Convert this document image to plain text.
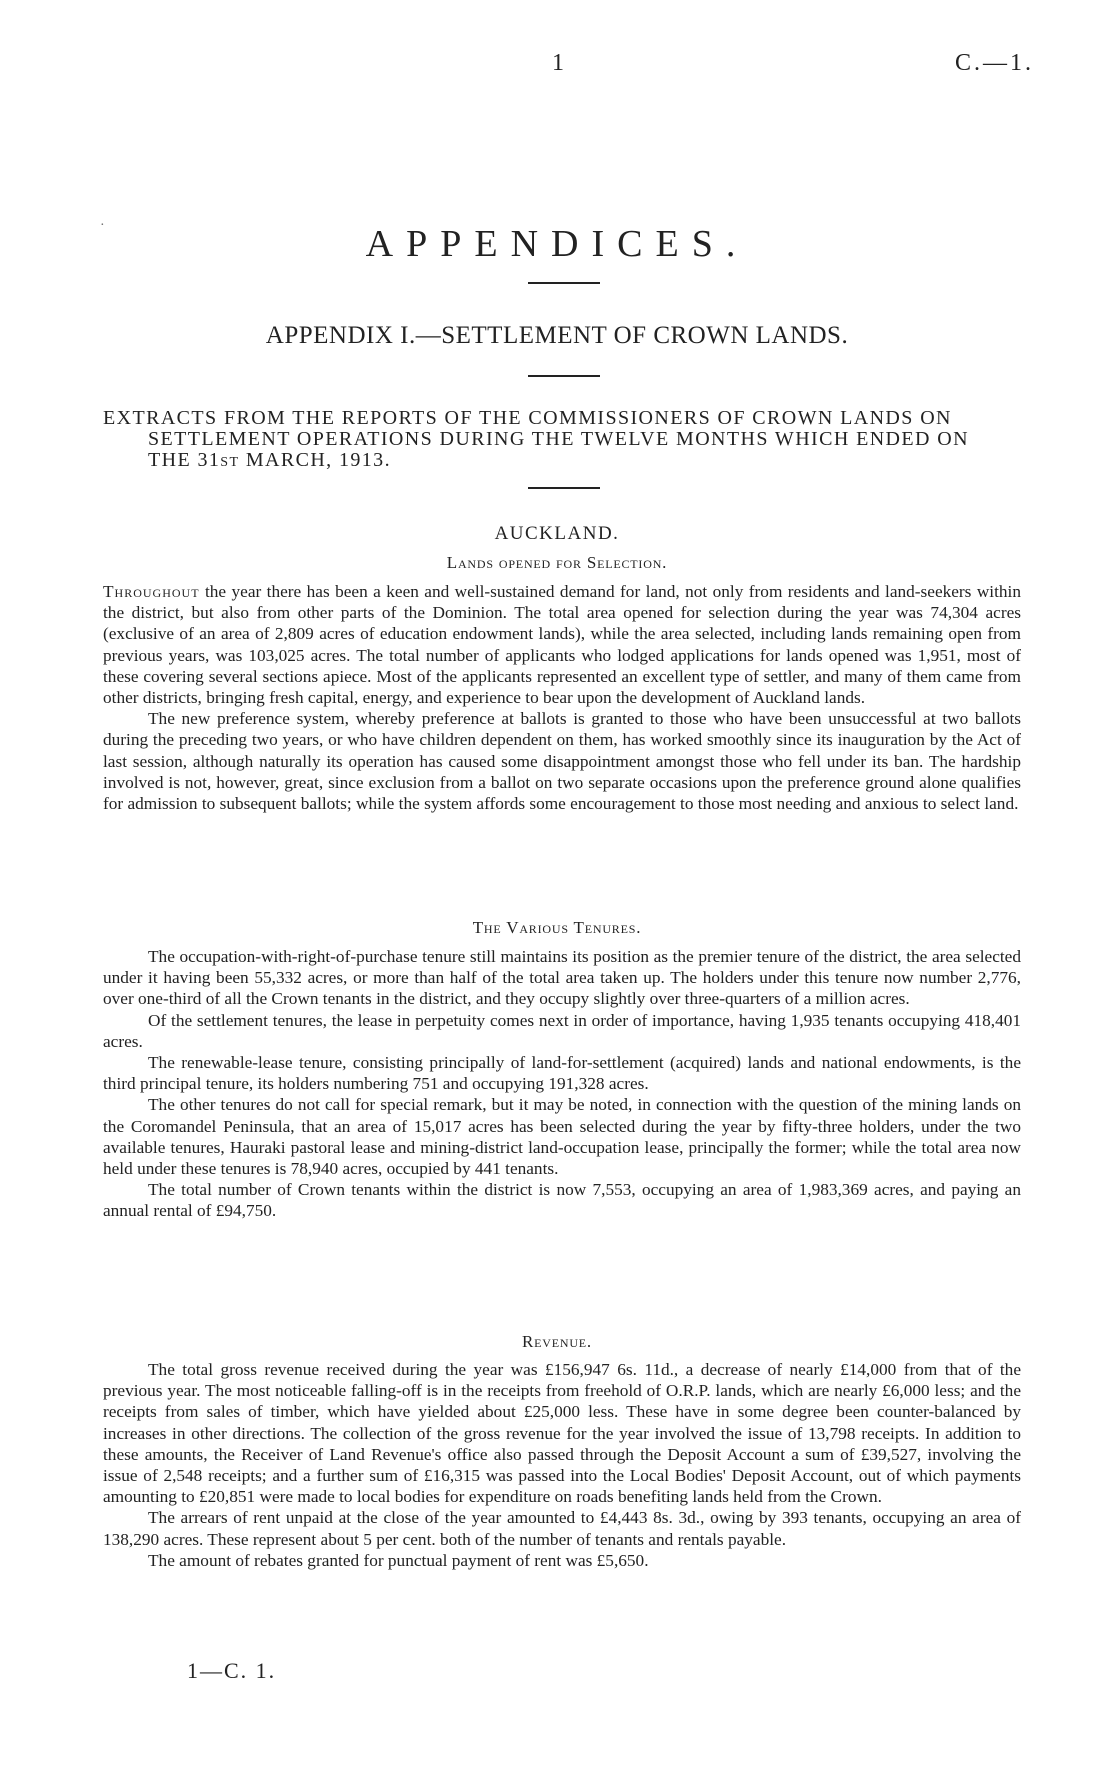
1	C.—1.
·	APPENDICES.
APPENDIX I.—SETTLEMENT OF CROWN LANDS.
EXTRACTS FROM THE REPORTS OF THE COMMISSIONERS OF CROWN LANDS ON
SETTLEMENT OPERATIONS DURING THE TWELVE MONTHS WHICH ENDED ON
THE 31ST MARCH, 1913.
AUCKLAND.
Lands opened for Selection.

Throughout the year there has been a keen and well-sustained demand for land, not only from residents and land-seekers within the district, but also from other parts of the Dominion. The total area opened for selection during the year was 74,304 acres (exclusive of an area of 2,809 acres of education endowment lands), while the area selected, including lands remaining open from previous years, was 103,025 acres. The total number of applicants who lodged applications for lands opened was 1,951, most of these covering several sections apiece. Most of the applicants represented an excellent type of settler, and many of them came from other districts, bringing fresh capital, energy, and experience to bear upon the development of Auckland lands.

The new preference system, whereby preference at ballots is granted to those who have been unsuccessful at two ballots during the preceding two years, or who have children dependent on them, has worked smoothly since its inauguration by the Act of last session, although naturally its operation has caused some disappointment amongst those who fell under its ban. The hardship involved is not, however, great, since exclusion from a ballot on two separate occasions upon the preference ground alone qualifies for admission to subsequent ballots; while the system affords some encouragement to those most needing and anxious to select land.

The Various Tenures.

The occupation-with-right-of-purchase tenure still maintains its position as the premier tenure of the district, the area selected under it having been 55,332 acres, or more than half of the total area taken up. The holders under this tenure now number 2,776, over one-third of all the Crown tenants in the district, and they occupy slightly over three-quarters of a million acres.

Of the settlement tenures, the lease in perpetuity comes next in order of importance, having 1,935 tenants occupying 418,401 acres.

The renewable-lease tenure, consisting principally of land-for-settlement (acquired) lands and national endowments, is the third principal tenure, its holders numbering 751 and occupying 191,328 acres.

The other tenures do not call for special remark, but it may be noted, in connection with the question of the mining lands on the Coromandel Peninsula, that an area of 15,017 acres has been selected during the year by fifty-three holders, under the two available tenures, Hauraki pastoral lease and mining-district land-occupation lease, principally the former; while the total area now held under these tenures is 78,940 acres, occupied by 441 tenants.

The total number of Crown tenants within the district is now 7,553, occupying an area of 1,983,369 acres, and paying an annual rental of £94,750.

Revenue.

The total gross revenue received during the year was £156,947 6s. 11d., a decrease of nearly £14,000 from that of the previous year. The most noticeable falling-off is in the receipts from freehold of O.R.P. lands, which are nearly £6,000 less; and the receipts from sales of timber, which have yielded about £25,000 less. These have in some degree been counter-balanced by increases in other directions. The collection of the gross revenue for the year involved the issue of 13,798 receipts. In addition to these amounts, the Receiver of Land Revenue's office also passed through the Deposit Account a sum of £39,527, involving the issue of 2,548 receipts; and a further sum of £16,315 was passed into the Local Bodies' Deposit Account, out of which payments amounting to £20,851 were made to local bodies for expenditure on roads benefiting lands held from the Crown.

The arrears of rent unpaid at the close of the year amounted to £4,443 8s. 3d., owing by 393 tenants, occupying an area of 138,290 acres. These represent about 5 per cent. both of the number of tenants and rentals payable.

The amount of rebates granted for punctual payment of rent was £5,650.

1—C. 1.
